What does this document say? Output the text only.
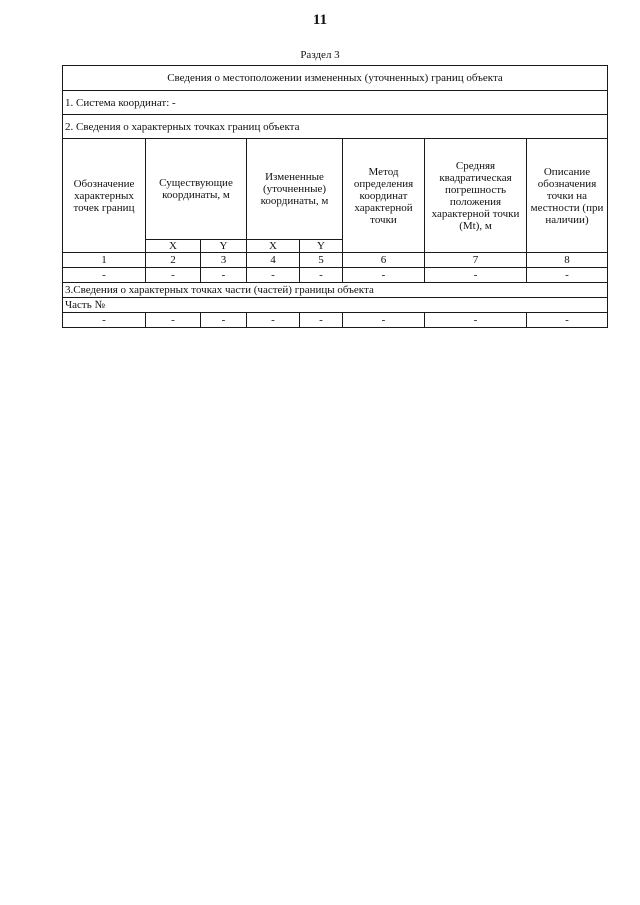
11
Раздел 3
Сведения о местоположении измененных (уточненных) границ объекта							
1. Система координат: -							
2. Сведения о характерных точках границ объекта							
Обозначение характерных точек границ	Существующие координаты, м		Измененные (уточненные) координаты, м		Метод определения координат характерной точки	Средняя квадратическая погрешность положения характерной точки (Mt), м	Описание обозначения точки на местности (при наличии)
	X	Y	X	Y			
1	2	3	4	5	6	7	8
-	-	-	-	-	-	-	-
3.Сведения о характерных точках части (частей) границы объекта							
Часть №							
-	-	-	-	-	-	-	-
